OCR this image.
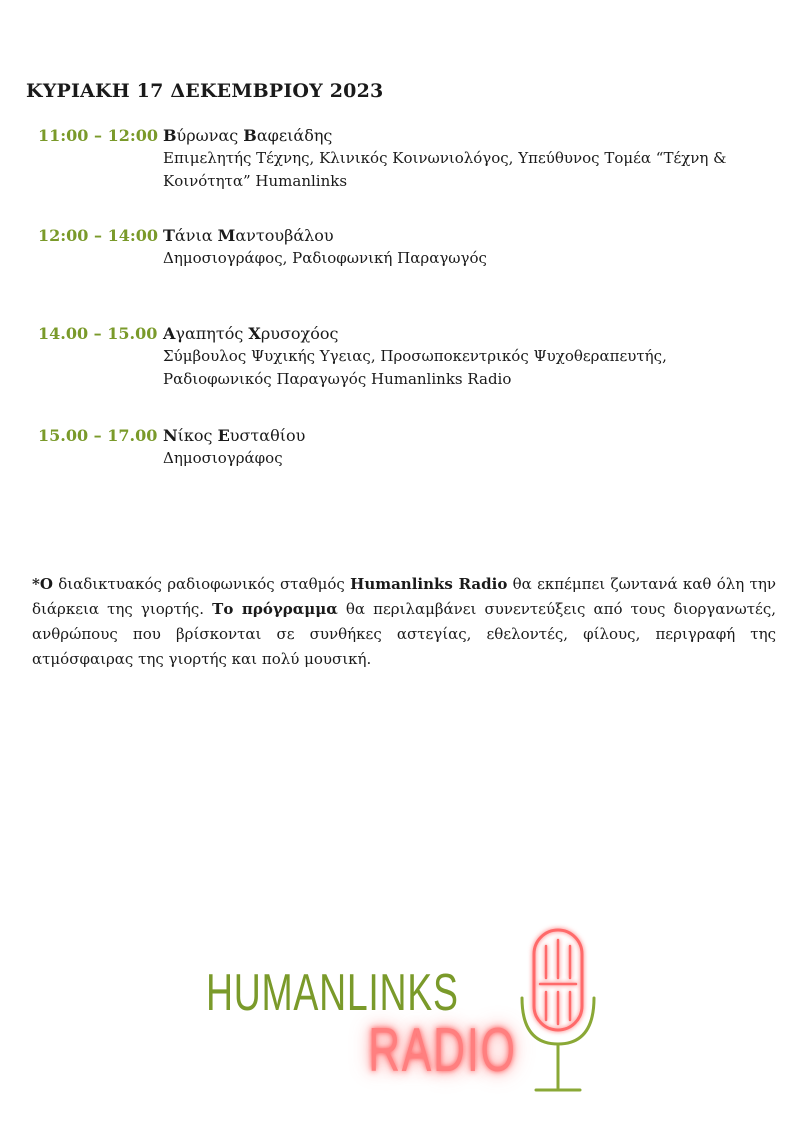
ΚΥΡΙΑΚΗ 17 ΔΕΚΕΜΒΡΙΟΥ 2023
11:00 – 12:00 Βύρωνας Βαφειάδης
Επιμελητής Τέχνης, Κλινικός Κοινωνιολόγος, Υπεύθυνος Τομέα “Τέχνη &
Κοινότητα” Humanlinks
12:00 – 14:00 Τάνια Μαντουβάλου
Δημοσιογράφος, Ραδιοφωνική Παραγωγός
14.00 – 15.00 Αγαπητός Χρυσοχόος
Σύμβουλος Ψυχικής Υγειας, Προσωποκεντρικός Ψυχοθεραπευτής,
Ραδιοφωνικός Παραγωγός Humanlinks Radio
15.00 – 17.00 Νίκος Ευσταθίου
Δημοσιογράφος

*Ο διαδικτυακός ραδιοφωνικός σταθμός Humanlinks Radio θα εκπέμπει ζωντανά καθ όλη την διάρκεια της γιορτής. Το πρόγραμμα θα περιλαμβάνει συνεντεύξεις από τους διοργανωτές, ανθρώπους που βρίσκονται σε συνθήκες αστεγίας, εθελοντές, φίλους, περιγραφή της ατμόσφαιρας της γιορτής και πολύ μουσική.

HUMANLINKS
RADIO
